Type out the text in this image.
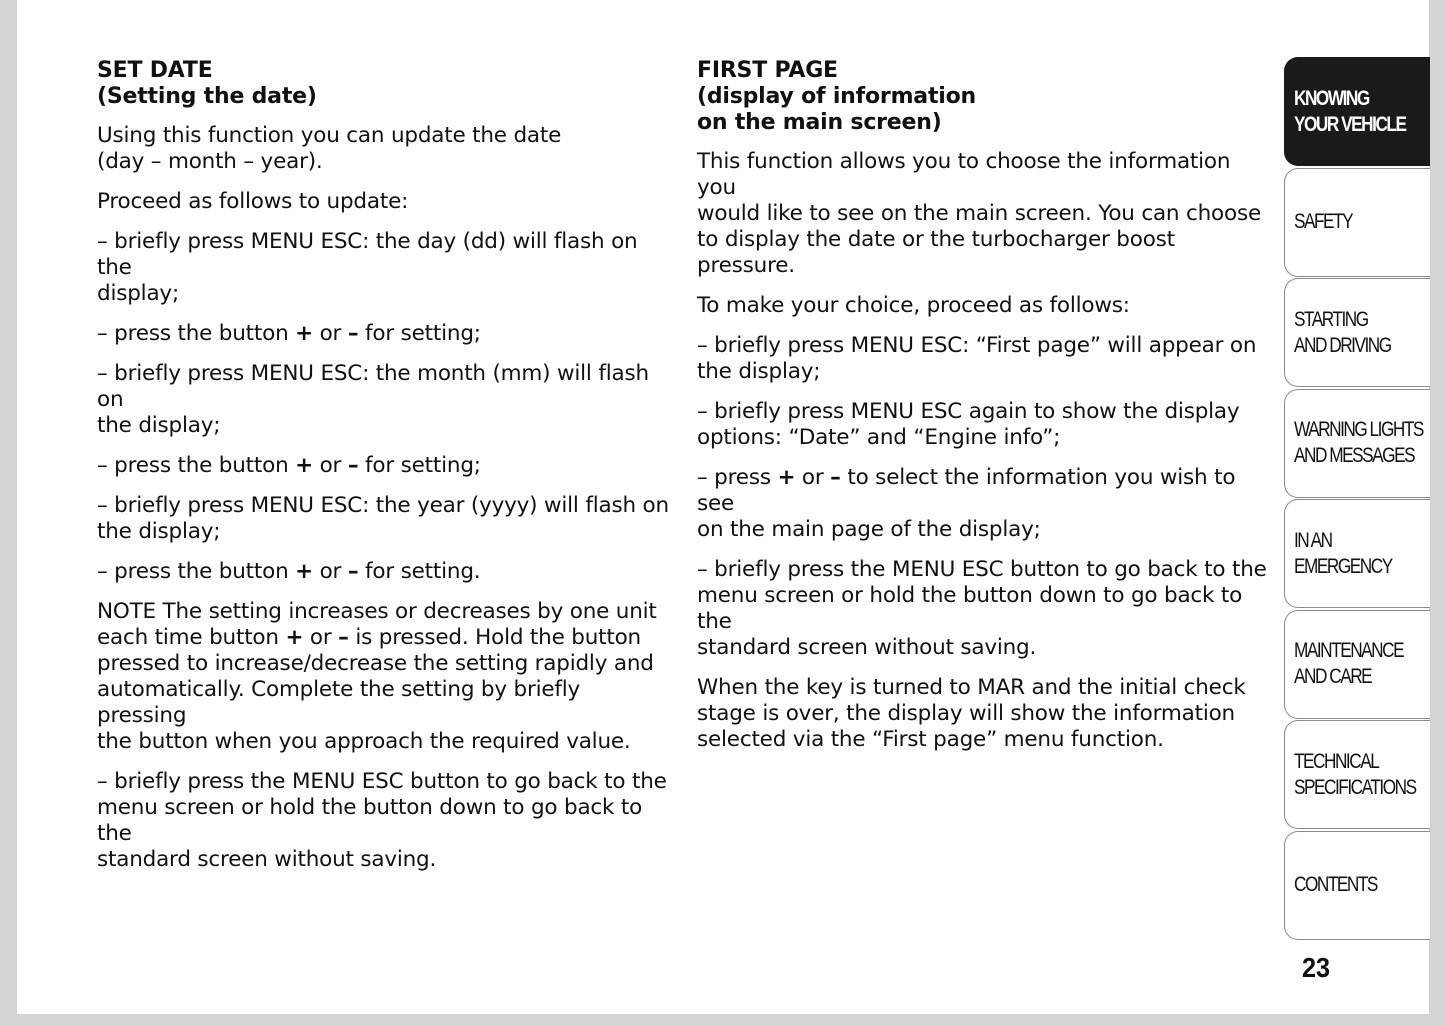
SET DATE
(Setting the date)

Using this function you can update the date
(day – month – year).

Proceed as follows to update:

– briefly press MENU ESC: the day (dd) will flash on the
display;

– press the button + or – for setting;

– briefly press MENU ESC: the month (mm) will flash on
the display;

– press the button + or – for setting;

– briefly press MENU ESC: the year (yyyy) will flash on
the display;

– press the button + or – for setting.

NOTE The setting increases or decreases by one unit
each time button + or – is pressed. Hold the button
pressed to increase/decrease the setting rapidly and
automatically. Complete the setting by briefly pressing
the button when you approach the required value.

– briefly press the MENU ESC button to go back to the
menu screen or hold the button down to go back to the
standard screen without saving.

FIRST PAGE
(display of information
on the main screen)

This function allows you to choose the information you
would like to see on the main screen. You can choose
to display the date or the turbocharger boost pressure.

To make your choice, proceed as follows:

– briefly press MENU ESC: “First page” will appear on
the display;

– briefly press MENU ESC again to show the display
options: “Date” and “Engine info”;

– press + or – to select the information you wish to see
on the main page of the display;

– briefly press the MENU ESC button to go back to the
menu screen or hold the button down to go back to the
standard screen without saving.

When the key is turned to MAR and the initial check
stage is over, the display will show the information
selected via the “First page” menu function.

KNOWING
YOUR VEHICLE
SAFETY
STARTING
AND DRIVING
WARNING LIGHTS
AND MESSAGES
IN AN
EMERGENCY
MAINTENANCE
AND CARE
TECHNICAL
SPECIFICATIONS
CONTENTS
23
